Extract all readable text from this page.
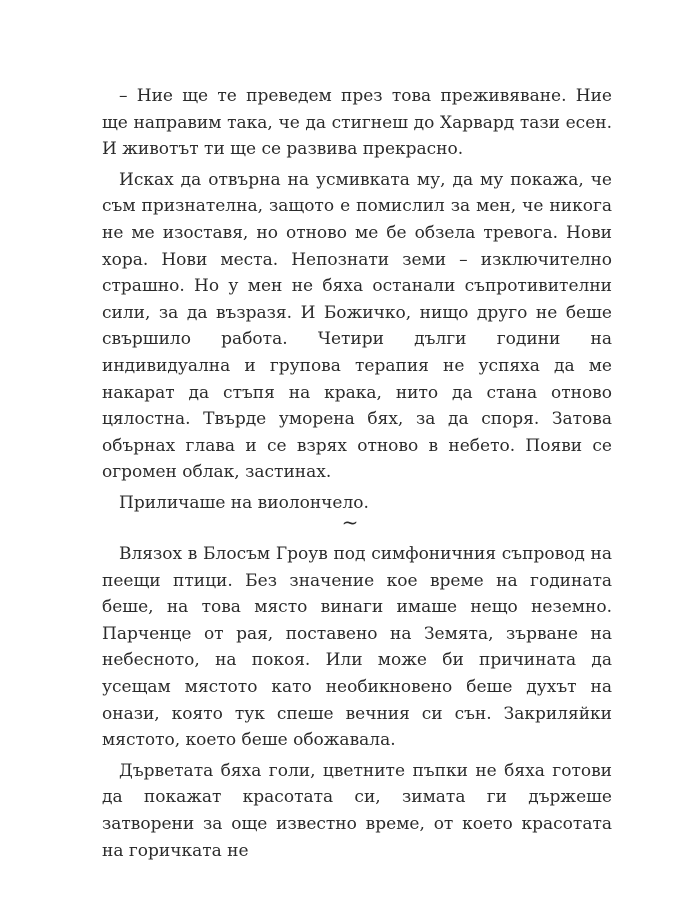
– Ние ще те преведем през това преживяване. Ние ще направим така, че да стигнеш до Харвард тази есен. И животът ти ще се развива прекрасно.

Исках да отвърна на усмивката му, да му покажа, че съм признателна, защото е помислил за мен, че никога не ме изоставя, но отново ме бе обзела тревога. Нови хора. Нови места. Непознати земи – изключително страшно. Но у мен не бяха останали съпротивителни сили, за да възразя. И Божичко, нищо друго не беше свършило работа. Четири дълги години на индивидуална и групова терапия не успяха да ме накарат да стъпя на крака, нито да стана отново цялостна. Твърде уморена бях, за да споря. Затова обърнах глава и се взрях отново в небето. Появи се огромен облак, застинах.

Приличаше на виолончело.

~

Влязох в Блосъм Гроув под симфоничния съпровод на пеещи птици. Без значение кое време на годината беше, на това място винаги имаше нещо неземно. Парченце от рая, поставено на Земята, зърване на небесното, на покоя. Или може би причината да усещам мястото като необикновено беше духът на онази, която тук спеше вечния си сън. Закриляйки мястото, което беше обожавала.

Дърветата бяха голи, цветните пъпки не бяха готови да покажат красотата си, зимата ги държеше затворени за още известно време, от което красотата на горичката не
